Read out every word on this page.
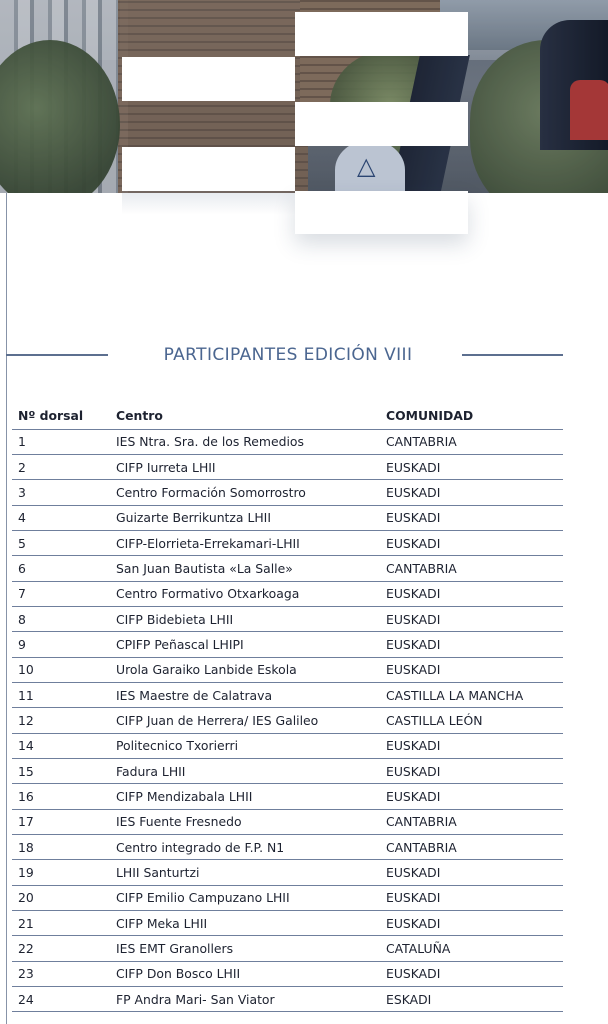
△
PARTICIPANTES EDICIÓN VIII
Nº dorsal	Centro	COMUNIDAD
1	IES Ntra. Sra. de los Remedios	CANTABRIA
2	CIFP Iurreta LHII	EUSKADI
3	Centro Formación Somorrostro	EUSKADI
4	Guizarte Berrikuntza LHII	EUSKADI
5	CIFP-Elorrieta-Errekamari-LHII	EUSKADI
6	San Juan Bautista «La Salle»	CANTABRIA
7	Centro Formativo Otxarkoaga	EUSKADI
8	CIFP Bidebieta LHII	EUSKADI
9	CPIFP Peñascal LHIPI	EUSKADI
10	Urola Garaiko Lanbide Eskola	EUSKADI
11	IES Maestre de Calatrava	CASTILLA LA MANCHA
12	CIFP Juan de Herrera/ IES Galileo	CASTILLA LEÓN
14	Politecnico Txorierri	EUSKADI
15	Fadura LHII	EUSKADI
16	CIFP Mendizabala LHII	EUSKADI
17	IES Fuente Fresnedo	CANTABRIA
18	Centro integrado de F.P. N1	CANTABRIA
19	LHII Santurtzi	EUSKADI
20	CIFP Emilio Campuzano LHII	EUSKADI
21	CIFP Meka LHII	EUSKADI
22	IES EMT Granollers	CATALUÑA
23	CIFP Don Bosco LHII	EUSKADI
24	FP Andra Mari- San Viator	ESKADI
